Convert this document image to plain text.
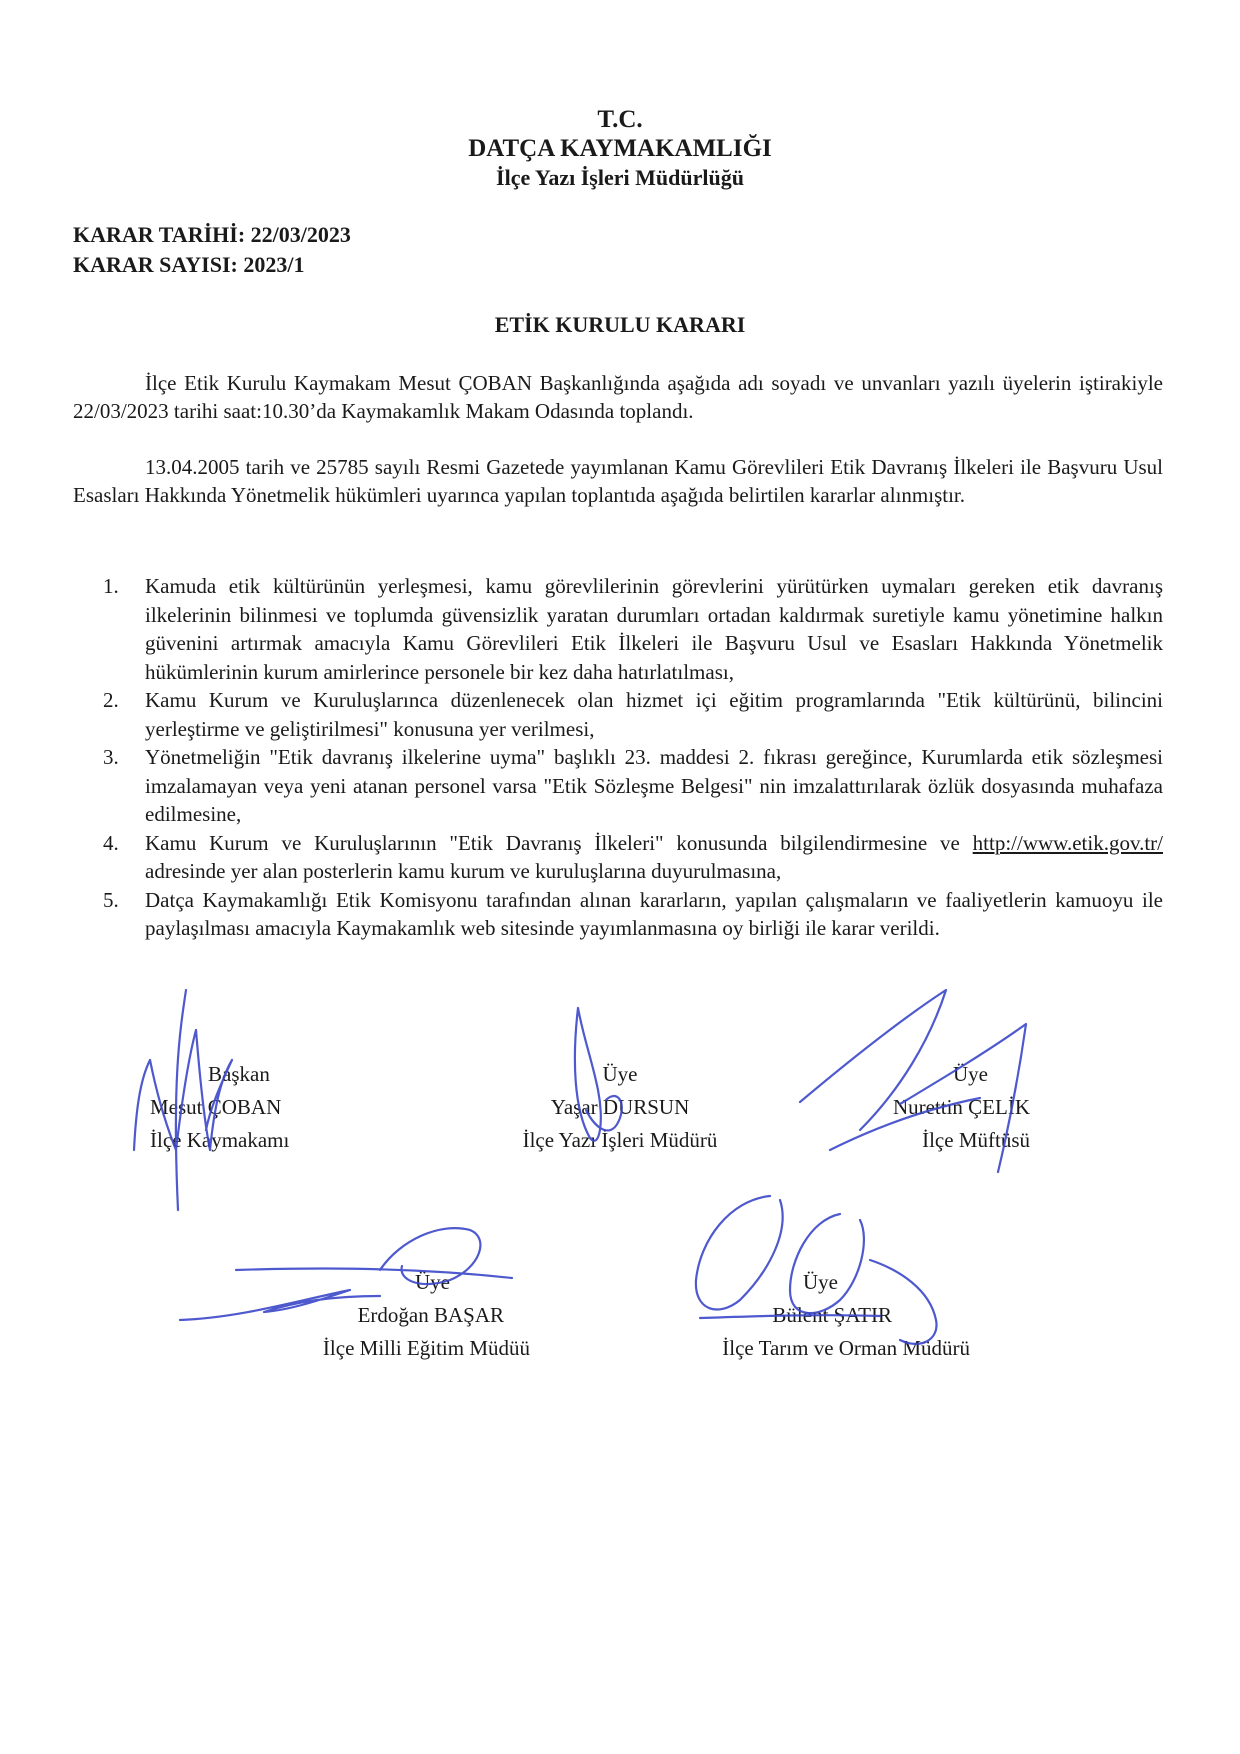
T.C.
DATÇA KAYMAKAMLIĞI
İlçe Yazı İşleri Müdürlüğü
KARAR TARİHİ: 22/03/2023
KARAR SAYISI: 2023/1
ETİK KURULU KARARI

İlçe Etik Kurulu Kaymakam Mesut ÇOBAN Başkanlığında aşağıda adı soyadı ve unvanları yazılı üyelerin iştirakiyle 22/03/2023 tarihi saat:10.30’da Kaymakamlık Makam Odasında toplandı.

13.04.2005 tarih ve 25785 sayılı Resmi Gazetede yayımlanan Kamu Görevlileri Etik Davranış İlkeleri ile Başvuru Usul Esasları Hakkında Yönetmelik hükümleri uyarınca yapılan toplantıda aşağıda belirtilen kararlar alınmıştır.

1. Kamuda etik kültürünün yerleşmesi, kamu görevlilerinin görevlerini yürütürken uymaları gereken etik davranış ilkelerinin bilinmesi ve toplumda güvensizlik yaratan durumları ortadan kaldırmak suretiyle kamu yönetimine halkın güvenini artırmak amacıyla Kamu Görevlileri Etik İlkeleri ile Başvuru Usul ve Esasları Hakkında Yönetmelik hükümlerinin kurum amirlerince personele bir kez daha hatırlatılması,
2. Kamu Kurum ve Kuruluşlarınca düzenlenecek olan hizmet içi eğitim programlarında "Etik kültürünü, bilincini yerleştirme ve geliştirilmesi" konusuna yer verilmesi,
3. Yönetmeliğin "Etik davranış ilkelerine uyma" başlıklı 23. maddesi 2. fıkrası gereğince, Kurumlarda etik sözleşmesi imzalamayan veya yeni atanan personel varsa "Etik Sözleşme Belgesi" nin imzalattırılarak özlük dosyasında muhafaza edilmesine,
4. Kamu Kurum ve Kuruluşlarının "Etik Davranış İlkeleri" konusunda bilgilendirmesine ve http://www.etik.gov.tr/ adresinde yer alan posterlerin kamu kurum ve kuruluşlarına duyurulmasına,
5. Datça Kaymakamlığı Etik Komisyonu tarafından alınan kararların, yapılan çalışmaların ve faaliyetlerin kamuoyu ile paylaşılması amacıyla Kaymakamlık web sitesinde yayımlanmasına oy birliği ile karar verildi.
Başkan
Mesut ÇOBAN
İlçe Kaymakamı
Üye
Yaşar DURSUN
İlçe Yazı İşleri Müdürü
Üye
Nurettin ÇELİK
İlçe Müftüsü
Üye
Erdoğan BAŞAR
İlçe Milli Eğitim Müdüü
Üye
Bülent ŞATIR
İlçe Tarım ve Orman Müdürü
